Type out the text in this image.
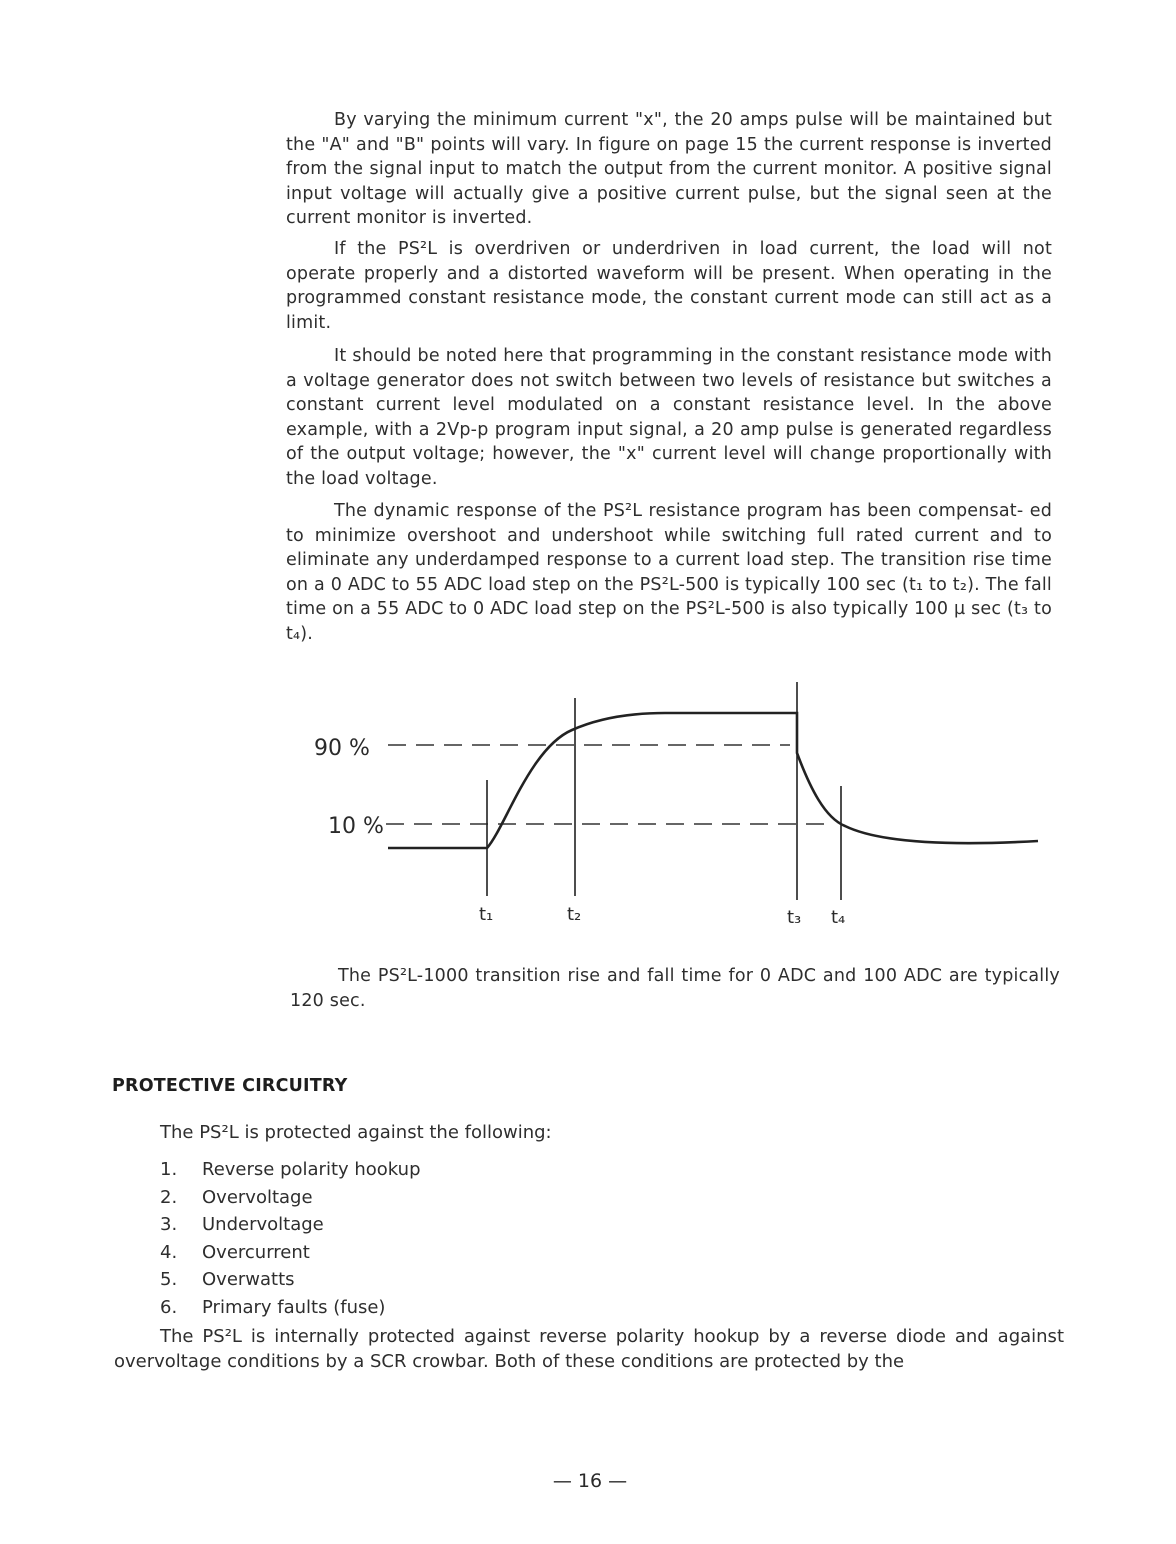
By varying the minimum current "x", the 20 amps pulse will be maintained but the "A" and "B" points will vary. In figure on page 15 the current response is inverted from the signal input to match the output from the current monitor. A positive signal input voltage will actually give a positive current pulse, but the signal seen at the current monitor is inverted.

If the PS²L is overdriven or underdriven in load current, the load will not operate properly and a distorted waveform will be present. When operating in the programmed constant resistance mode, the constant current mode can still act as a limit.

It should be noted here that programming in the constant resistance mode with a voltage generator does not switch between two levels of resistance but switches a constant current level modulated on a constant resistance level. In the above example, with a 2Vp-p program input signal, a 20 amp pulse is generated regardless of the output voltage; however, the "x" current level will change proportionally with the load voltage.

The dynamic response of the PS²L resistance program has been compensat- ed to minimize overshoot and undershoot while switching full rated current and to eliminate any underdamped response to a current load step. The transition rise time on a 0 ADC to 55 ADC load step on the PS²L-500 is typically 100 sec (t₁ to t₂). The fall time on a 55 ADC to 0 ADC load step on the PS²L-500 is also typically 100 µ sec (t₃ to t₄).

90 %
10 %
t₁	t₂	t₃ t₄

The PS²L-1000 transition rise and fall time for 0 ADC and 100 ADC are typically 120 sec.

PROTECTIVE CIRCUITRY
The PS²L is protected against the following:
1.	Reverse polarity hookup
2.	Overvoltage
3.	Undervoltage
4.	Overcurrent
5.	Overwatts
6.	Primary faults (fuse)

The PS²L is internally protected against reverse polarity hookup by a reverse diode and against overvoltage conditions by a SCR crowbar. Both of these conditions are protected by the

— 16 —
